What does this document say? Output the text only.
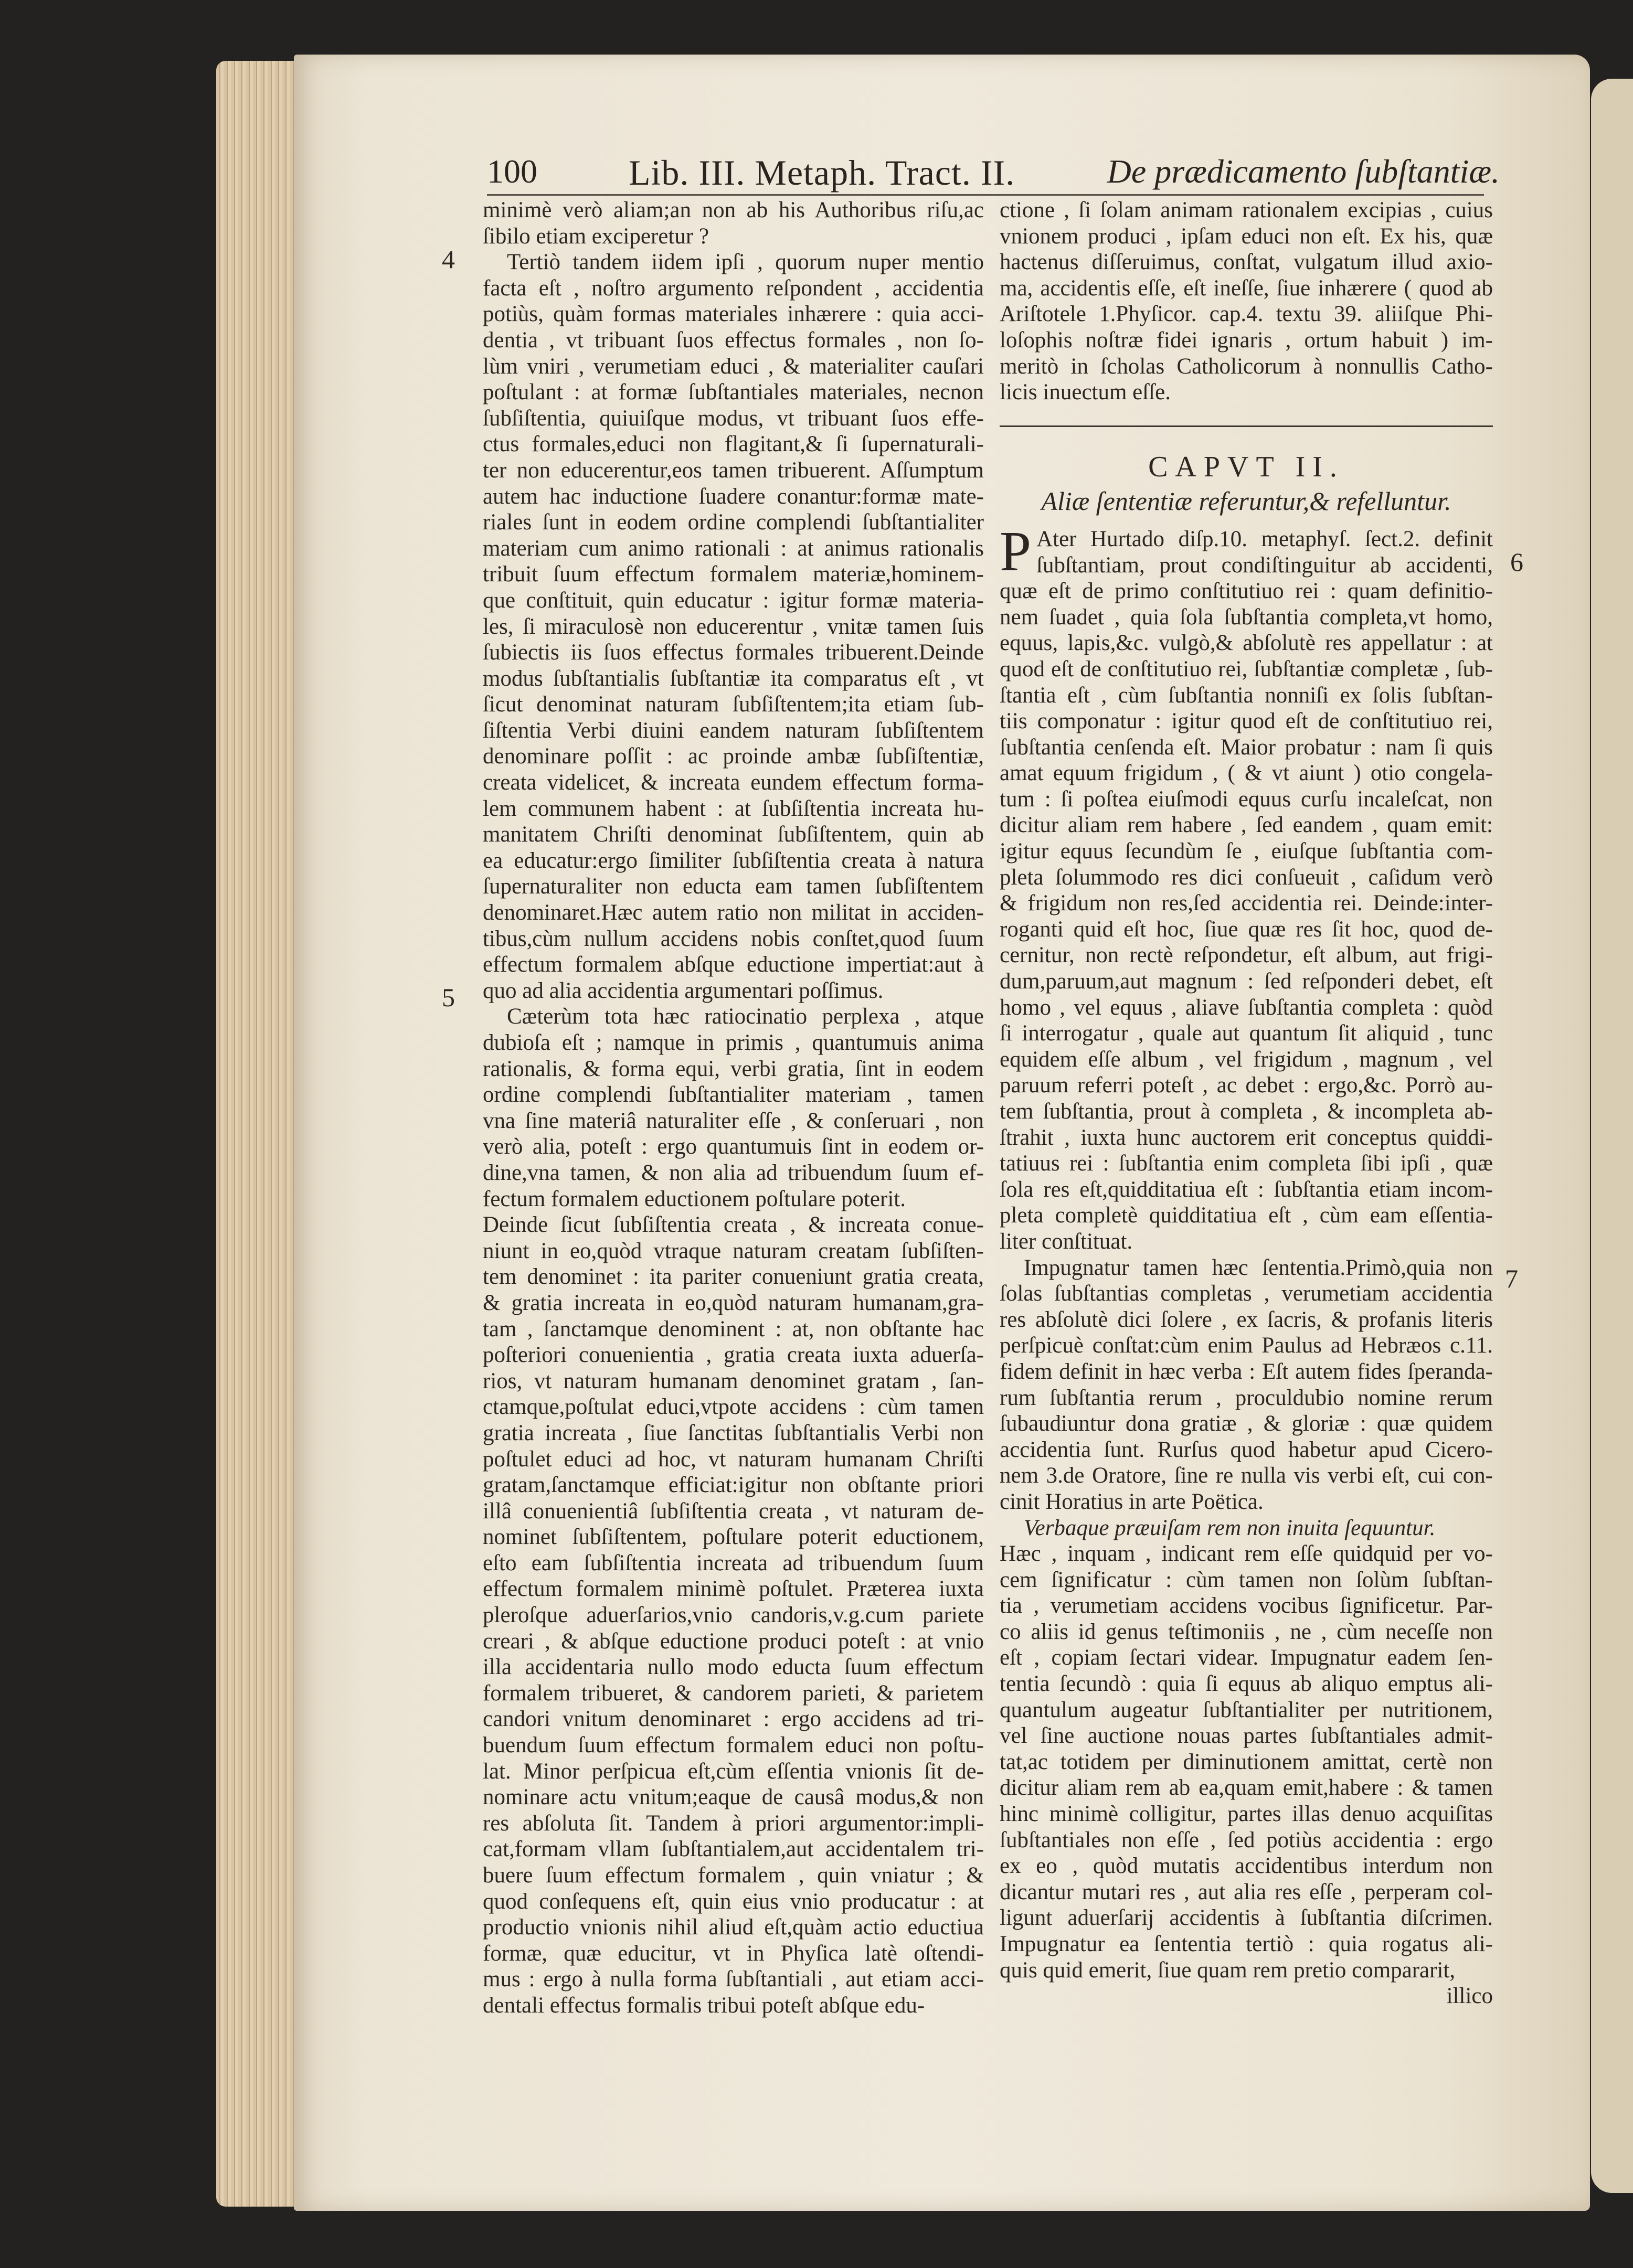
100	Lib. III. Metaph. Tract. II.	De prædicamento ſubſtantiæ.
4
5
6
7
minimè verò aliam;an non ab his Authoribus riſu,ac
ſibilo etiam exciperetur ?
Tertiò tandem iidem ipſi , quorum nuper mentio
facta eſt , noſtro argumento reſpondent , accidentia
potiùs, quàm formas materiales inhærere : quia acci-
dentia , vt tribuant ſuos effectus formales , non ſo-
lùm vniri , verumetiam educi , & materialiter cauſari
poſtulant : at formæ ſubſtantiales materiales, necnon
ſubſiſtentia, quiuiſque modus, vt tribuant ſuos effe-
ctus formales,educi non flagitant,& ſi ſupernaturali-
ter non educerentur,eos tamen tribuerent. Aſſumptum
autem hac inductione ſuadere conantur:formæ mate-
riales ſunt in eodem ordine complendi ſubſtantialiter
materiam cum animo rationali : at animus rationalis
tribuit ſuum effectum formalem materiæ,hominem-
que conſtituit, quin educatur : igitur formæ materia-
les, ſi miraculosè non educerentur , vnitæ tamen ſuis
ſubiectis iis ſuos effectus formales tribuerent.Deinde
modus ſubſtantialis ſubſtantiæ ita comparatus eſt , vt
ſicut denominat naturam ſubſiſtentem;ita etiam ſub-
ſiſtentia Verbi diuini eandem naturam ſubſiſtentem
denominare poſſit : ac proinde ambæ ſubſiſtentiæ,
creata videlicet, & increata eundem effectum forma-
lem communem habent : at ſubſiſtentia increata hu-
manitatem Chriſti denominat ſubſiſtentem, quin ab
ea educatur:ergo ſimiliter ſubſiſtentia creata à natura
ſupernaturaliter non educta eam tamen ſubſiſtentem
denominaret.Hæc autem ratio non militat in acciden-
tibus,cùm nullum accidens nobis conſtet,quod ſuum
effectum formalem abſque eductione impertiat:aut à
quo ad alia accidentia argumentari poſſimus.
Cæterùm tota hæc ratiocinatio perplexa , atque
dubioſa eſt ; namque in primis , quantumuis anima
rationalis, & forma equi, verbi gratia, ſint in eodem
ordine complendi ſubſtantialiter materiam , tamen
vna ſine materiâ naturaliter eſſe , & conſeruari , non
verò alia, poteſt : ergo quantumuis ſint in eodem or-
dine,vna tamen, & non alia ad tribuendum ſuum ef-
fectum formalem eductionem poſtulare poterit.
Deinde ſicut ſubſiſtentia creata , & increata conue-
niunt in eo,quòd vtraque naturam creatam ſubſiſten-
tem denominet : ita pariter conueniunt gratia creata,
& gratia increata in eo,quòd naturam humanam,gra-
tam , ſanctamque denominent : at, non obſtante hac
poſteriori conuenientia , gratia creata iuxta aduerſa-
rios, vt naturam humanam denominet gratam , ſan-
ctamque,poſtulat educi,vtpote accidens : cùm tamen
gratia increata , ſiue ſanctitas ſubſtantialis Verbi non
poſtulet educi ad hoc, vt naturam humanam Chriſti
gratam,ſanctamque efficiat:igitur non obſtante priori
illâ conuenientiâ ſubſiſtentia creata , vt naturam de-
nominet ſubſiſtentem, poſtulare poterit eductionem,
eſto eam ſubſiſtentia increata ad tribuendum ſuum
effectum formalem minimè poſtulet. Præterea iuxta
pleroſque aduerſarios,vnio candoris,v.g.cum pariete
creari , & abſque eductione produci poteſt : at vnio
illa accidentaria nullo modo educta ſuum effectum
formalem tribueret, & candorem parieti, & parietem
candori vnitum denominaret : ergo accidens ad tri-
buendum ſuum effectum formalem educi non poſtu-
lat. Minor perſpicua eſt,cùm eſſentia vnionis ſit de-
nominare actu vnitum;eaque de causâ modus,& non
res abſoluta ſit. Tandem à priori argumentor:impli-
cat,formam vllam ſubſtantialem,aut accidentalem tri-
buere ſuum effectum formalem , quin vniatur ; &
quod conſequens eſt, quin eius vnio producatur : at
productio vnionis nihil aliud eſt,quàm actio eductiua
formæ, quæ educitur, vt in Phyſica latè oſtendi-
mus : ergo à nulla forma ſubſtantiali , aut etiam acci-
dentali effectus formalis tribui poteſt abſque edu-
ctione , ſi ſolam animam rationalem excipias , cuius
vnionem produci , ipſam educi non eſt. Ex his, quæ
hactenus diſſeruimus, conſtat, vulgatum illud axio-
ma, accidentis eſſe, eſt ineſſe, ſiue inhærere ( quod ab
Ariſtotele 1.Phyſicor. cap.4. textu 39. aliiſque Phi-
loſophis noſtræ fidei ignaris , ortum habuit ) im-
meritò in ſcholas Catholicorum à nonnullis Catho-
licis inuectum eſſe.
CAPVT II.
Aliæ ſententiæ referuntur,& refelluntur.
P Ater Hurtado diſp.10. metaphyſ. ſect.2. definit
ſubſtantiam, prout condiſtinguitur ab accidenti,
quæ eſt de primo conſtitutiuo rei : quam definitio-
nem ſuadet , quia ſola ſubſtantia completa,vt homo,
equus, lapis,&c. vulgò,& abſolutè res appellatur : at
quod eſt de conſtitutiuo rei, ſubſtantiæ completæ , ſub-
ſtantia eſt , cùm ſubſtantia nonniſi ex ſolis ſubſtan-
tiis componatur : igitur quod eſt de conſtitutiuo rei,
ſubſtantia cenſenda eſt. Maior probatur : nam ſi quis
amat equum frigidum , ( & vt aiunt ) otio congela-
tum : ſi poſtea eiuſmodi equus curſu incaleſcat, non
dicitur aliam rem habere , ſed eandem , quam emit:
igitur equus ſecundùm ſe , eiuſque ſubſtantia com-
pleta ſolummodo res dici conſueuit , caſidum verò
& frigidum non res,ſed accidentia rei. Deinde:inter-
roganti quid eſt hoc, ſiue quæ res ſit hoc, quod de-
cernitur, non rectè reſpondetur, eſt album, aut frigi-
dum,paruum,aut magnum : ſed reſponderi debet, eſt
homo , vel equus , aliave ſubſtantia completa : quòd
ſi interrogatur , quale aut quantum ſit aliquid , tunc
equidem eſſe album , vel frigidum , magnum , vel
paruum referri poteſt , ac debet : ergo,&c. Porrò au-
tem ſubſtantia, prout à completa , & incompleta ab-
ſtrahit , iuxta hunc auctorem erit conceptus quiddi-
tatiuus rei : ſubſtantia enim completa ſibi ipſi , quæ
ſola res eſt,quidditatiua eſt : ſubſtantia etiam incom-
pleta completè quidditatiua eſt , cùm eam eſſentia-
liter conſtituat.
Impugnatur tamen hæc ſententia.Primò,quia non
ſolas ſubſtantias completas , verumetiam accidentia
res abſolutè dici ſolere , ex ſacris, & profanis literis
perſpicuè conſtat:cùm enim Paulus ad Hebræos c.11.
fidem definit in hæc verba : Eſt autem fides ſperanda-
rum ſubſtantia rerum , proculdubio nomine rerum
ſubaudiuntur dona gratiæ , & gloriæ : quæ quidem
accidentia ſunt. Rurſus quod habetur apud Cicero-
nem 3.de Oratore, ſine re nulla vis verbi eſt, cui con-
cinit Horatius in arte Poëtica.
Verbaque præuiſam rem non inuita ſequuntur.
Hæc , inquam , indicant rem eſſe quidquid per vo-
cem ſignificatur : cùm tamen non ſolùm ſubſtan-
tia , verumetiam accidens vocibus ſignificetur. Par-
co aliis id genus teſtimoniis , ne , cùm neceſſe non
eſt , copiam ſectari videar. Impugnatur eadem ſen-
tentia ſecundò : quia ſi equus ab aliquo emptus ali-
quantulum augeatur ſubſtantialiter per nutritionem,
vel ſine auctione nouas partes ſubſtantiales admit-
tat,ac totidem per diminutionem amittat, certè non
dicitur aliam rem ab ea,quam emit,habere : & tamen
hinc minimè colligitur, partes illas denuo acquiſitas
ſubſtantiales non eſſe , ſed potiùs accidentia : ergo
ex eo , quòd mutatis accidentibus interdum non
dicantur mutari res , aut alia res eſſe , perperam col-
ligunt aduerſarij accidentis à ſubſtantia diſcrimen.
Impugnatur ea ſententia tertiò : quia rogatus ali-
quis quid emerit, ſiue quam rem pretio compararit,
illico
